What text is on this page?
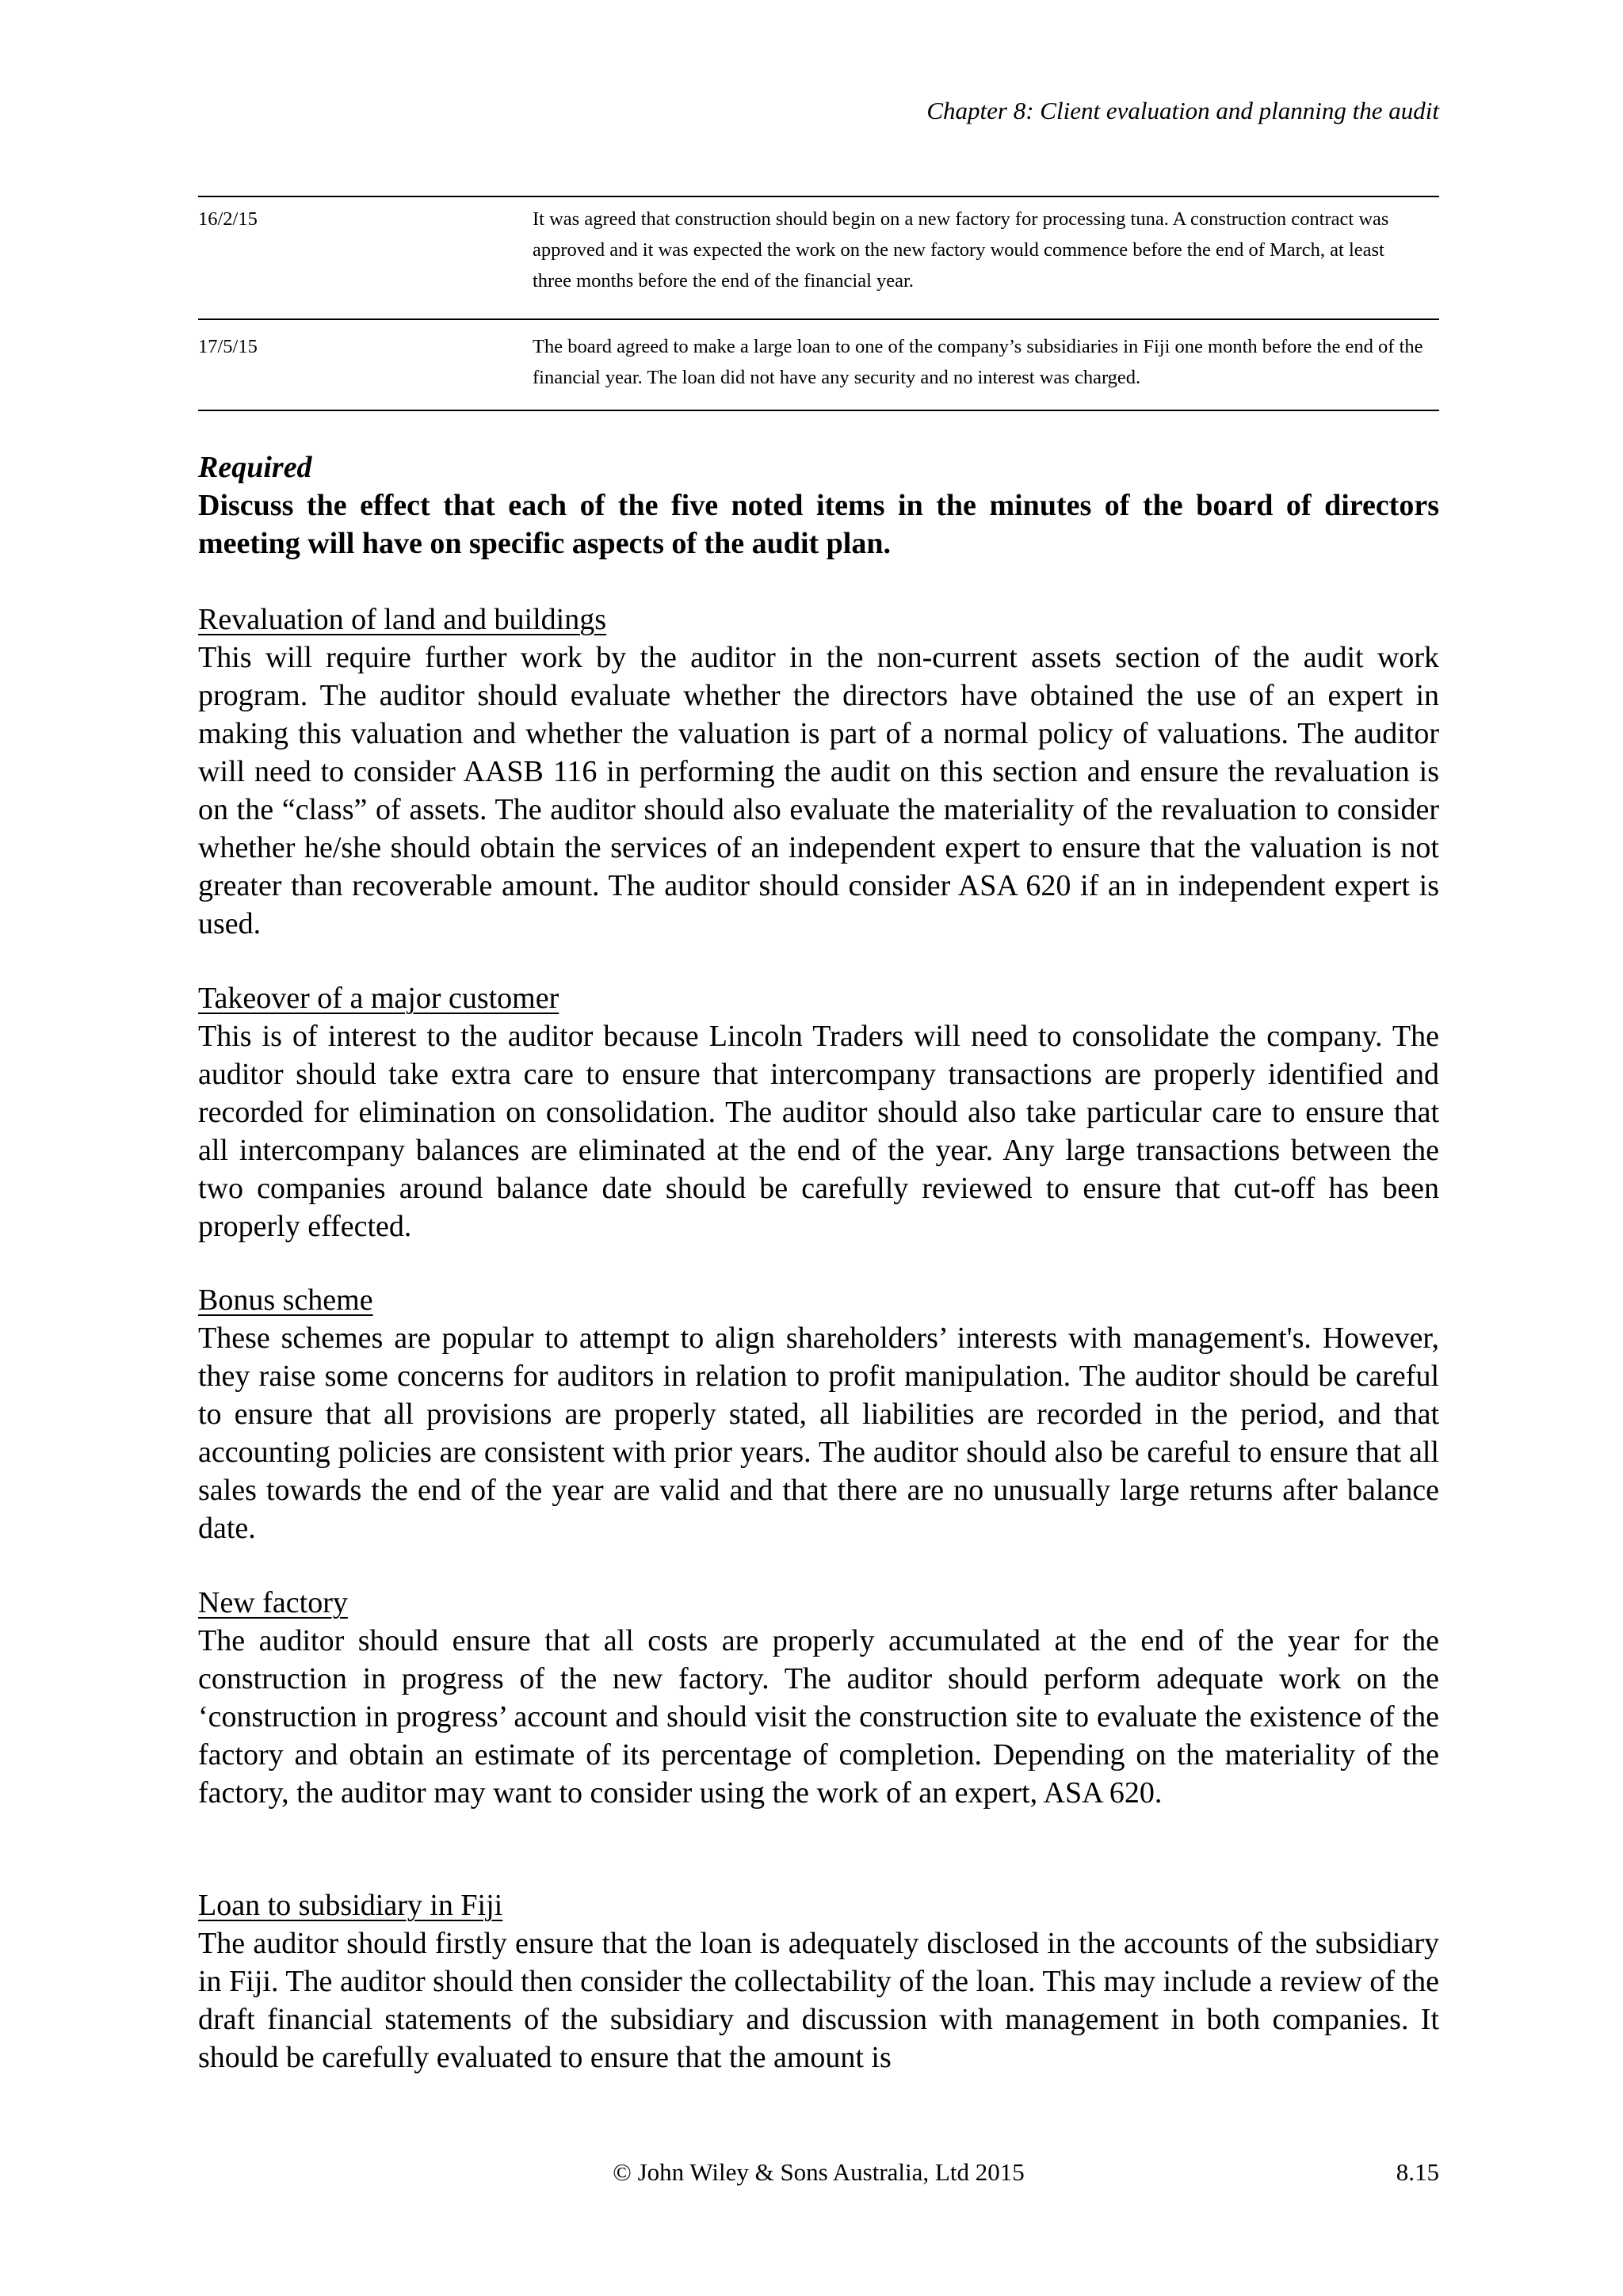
Chapter 8: Client evaluation and planning the audit
16/2/15	It was agreed that construction should begin on a new factory for processing tuna. A construction contract was approved and it was expected the work on the new factory would commence before the end of March, at least three months before the end of the financial year.
17/5/15	The board agreed to make a large loan to one of the company’s subsidiaries in Fiji one month before the end of the financial year. The loan did not have any security and no interest was charged.
Required
Discuss the effect that each of the five noted items in the minutes of the board of directors meeting will have on specific aspects of the audit plan.
Revaluation of land and buildings
This will require further work by the auditor in the non-current assets section of the audit work program. The auditor should evaluate whether the directors have obtained the use of an expert in making this valuation and whether the valuation is part of a normal policy of valuations. The auditor will need to consider AASB 116 in performing the audit on this section and ensure the revaluation is on the “class” of assets. The auditor should also evaluate the materiality of the revaluation to consider whether he/she should obtain the services of an independent expert to ensure that the valuation is not greater than recoverable amount. The auditor should consider ASA 620 if an in independent expert is used.
Takeover of a major customer
This is of interest to the auditor because Lincoln Traders will need to consolidate the company. The auditor should take extra care to ensure that intercompany transactions are properly identified and recorded for elimination on consolidation. The auditor should also take particular care to ensure that all intercompany balances are eliminated at the end of the year. Any large transactions between the two companies around balance date should be carefully reviewed to ensure that cut-off has been properly effected.
Bonus scheme
These schemes are popular to attempt to align shareholders’ interests with management's. However, they raise some concerns for auditors in relation to profit manipulation. The auditor should be careful to ensure that all provisions are properly stated, all liabilities are recorded in the period, and that accounting policies are consistent with prior years. The auditor should also be careful to ensure that all sales towards the end of the year are valid and that there are no unusually large returns after balance date.
New factory
The auditor should ensure that all costs are properly accumulated at the end of the year for the construction in progress of the new factory. The auditor should perform adequate work on the ‘construction in progress’ account and should visit the construction site to evaluate the existence of the factory and obtain an estimate of its percentage of completion. Depending on the materiality of the factory, the auditor may want to consider using the work of an expert, ASA 620.
Loan to subsidiary in Fiji
The auditor should firstly ensure that the loan is adequately disclosed in the accounts of the subsidiary in Fiji. The auditor should then consider the collectability of the loan. This may include a review of the draft financial statements of the subsidiary and discussion with management in both companies. It should be carefully evaluated to ensure that the amount is
© John Wiley & Sons Australia, Ltd 2015	8.15
